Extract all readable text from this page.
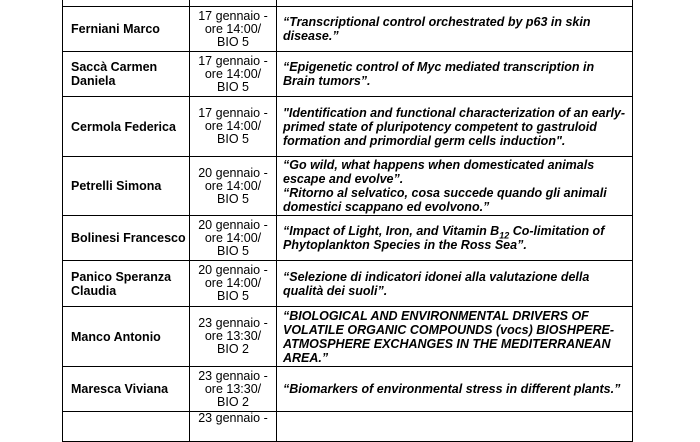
Ferniani Marco	17 gennaio -
ore 14:00/
BIO 5	“Transcriptional control orchestrated by p63 in skin disease.”
Saccà Carmen Daniela	17 gennaio -
ore 14:00/
BIO 5	“Epigenetic control of Myc mediated transcription in Brain tumors”.
Cermola Federica	17 gennaio -
ore 14:00/
BIO 5	"Identification and functional characterization of an early-primed state of pluripotency competent to gastruloid formation and primordial germ cells induction".
Petrelli Simona	20 gennaio -
ore 14:00/
BIO 5	“Go wild, what happens when domesticated animals escape and evolve”.
“Ritorno al selvatico, cosa succede quando gli animali domestici scappano ed evolvono.”

Bolinesi Francesco	20 gennaio -
ore 14:00/
BIO 5	“Impact of Light, Iron, and Vitamin $B_{12}$ Co-limitation of Phytoplankton Species in the Ross Sea”.
Panico Speranza Claudia	20 gennaio -
ore 14:00/
BIO 5	“Selezione di indicatori idonei alla valutazione della qualità dei suoli”.
Manco Antonio	23 gennaio -
ore 13:30/
BIO 2	“BIOLOGICAL AND ENVIRONMENTAL DRIVERS OF VOLATILE ORGANIC COMPOUNDS (vocs) BIOSHPERE-ATMOSPHERE EXCHANGES IN THE MEDITERRANEAN AREA.”
Maresca Viviana	23 gennaio -
ore 13:30/
BIO 2	“Biomarkers of environmental stress in different plants.”

	23 gennaio -	
